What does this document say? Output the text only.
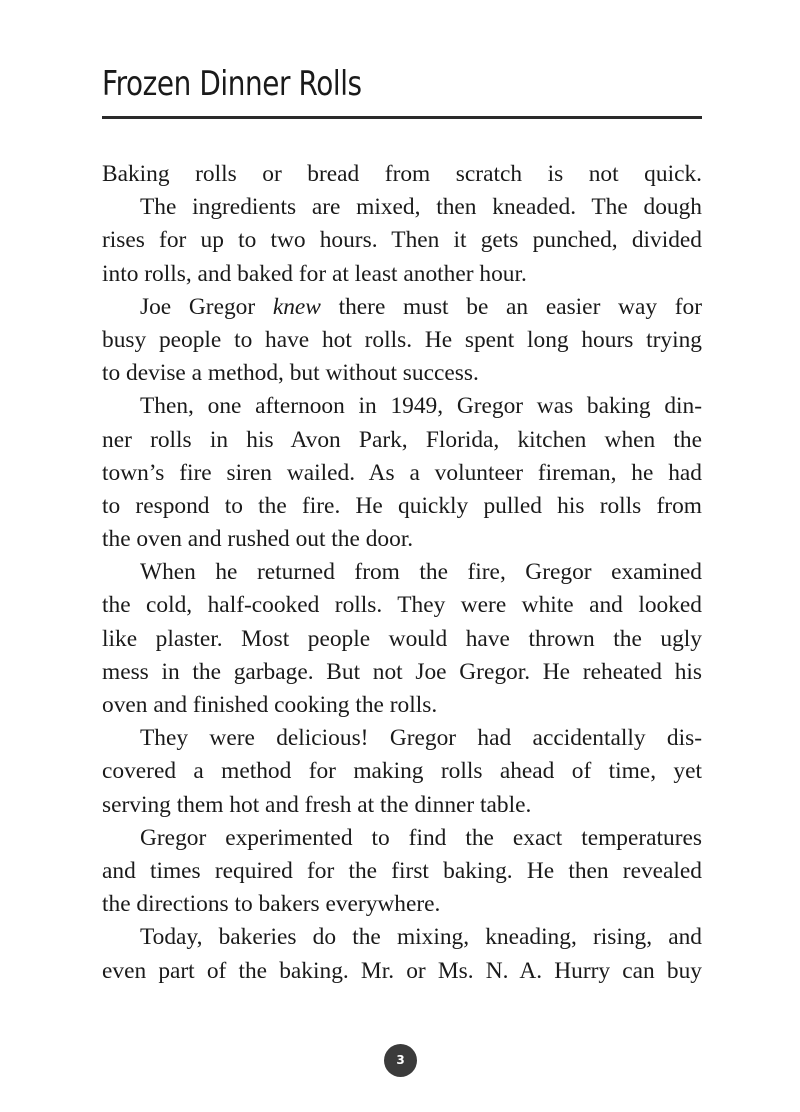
Frozen Dinner Rolls
Baking rolls or bread from scratch is not quick.
The ingredients are mixed, then kneaded. The dough
rises for up to two hours. Then it gets punched, divided
into rolls, and baked for at least another hour.
Joe Gregor knew there must be an easier way for
busy people to have hot rolls. He spent long hours trying
to devise a method, but without success.
Then, one afternoon in 1949, Gregor was baking din-
ner rolls in his Avon Park, Florida, kitchen when the
town’s fire siren wailed. As a volunteer fireman, he had
to respond to the fire. He quickly pulled his rolls from
the oven and rushed out the door.
When he returned from the fire, Gregor examined
the cold, half-cooked rolls. They were white and looked
like plaster. Most people would have thrown the ugly
mess in the garbage. But not Joe Gregor. He reheated his
oven and finished cooking the rolls.
They were delicious! Gregor had accidentally dis-
covered a method for making rolls ahead of time, yet
serving them hot and fresh at the dinner table.
Gregor experimented to find the exact temperatures
and times required for the first baking. He then revealed
the directions to bakers everywhere.
Today, bakeries do the mixing, kneading, rising, and
even part of the baking. Mr. or Ms. N. A. Hurry can buy
3
